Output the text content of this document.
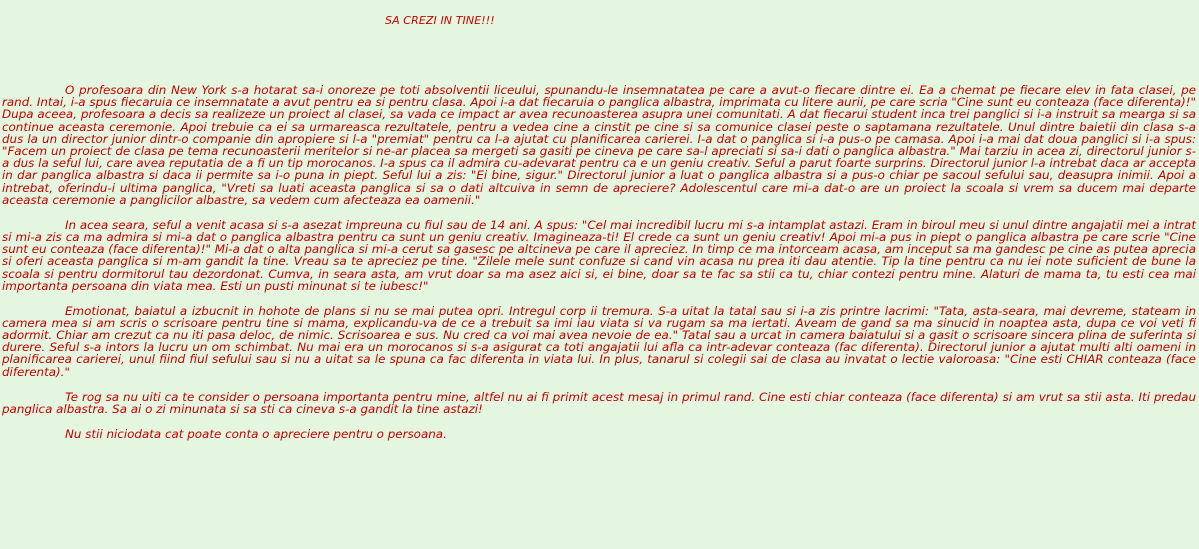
SA CREZI IN TINE!!!

O profesoara din New York s-a hotarat sa-i onoreze pe toti absolventii liceului, spunandu-le insemnatatea pe care a avut-o fiecare dintre ei. Ea a chemat pe fiecare elev in fata clasei, pe rand. Intai, i-a spus fiecaruia ce insemnatate a avut pentru ea si pentru clasa. Apoi i-a dat fiecaruia o panglica albastra, imprimata cu litere aurii, pe care scria "Cine sunt eu conteaza (face diferenta)!" Dupa aceea, profesoara a decis sa realizeze un proiect al clasei, sa vada ce impact ar avea recunoasterea asupra unei comunitati. A dat fiecarui student inca trei panglici si i-a instruit sa mearga si sa continue aceasta ceremonie. Apoi trebuie ca ei sa urmareasca rezultatele, pentru a vedea cine a cinstit pe cine si sa comunice clasei peste o saptamana rezultatele. Unul dintre baietii din clasa s-a dus la un director junior dintr-o companie din apropiere si l-a "premiat" pentru ca l-a ajutat cu planificarea carierei. I-a dat o panglica si i-a pus-o pe camasa. Apoi i-a mai dat doua panglici si i-a spus: "Facem un proiect de clasa pe tema recunoasterii meritelor si ne-ar placea sa mergeti sa gasiti pe cineva pe care sa-l apreciati si sa-i dati o panglica albastra." Mai tarziu in acea zi, directorul junior s-a dus la seful lui, care avea reputatia de a fi un tip morocanos. I-a spus ca il admira cu-adevarat pentru ca e un geniu creativ. Seful a parut foarte surprins. Directorul junior l-a intrebat daca ar accepta in dar panglica albastra si daca ii permite sa i-o puna in piept. Seful lui a zis: "Ei bine, sigur." Directorul junior a luat o panglica albastra si a pus-o chiar pe sacoul sefului sau, deasupra inimii. Apoi a intrebat, oferindu-i ultima panglica, "Vreti sa luati aceasta panglica si sa o dati altcuiva in semn de apreciere? Adolescentul care mi-a dat-o are un proiect la scoala si vrem sa ducem mai departe aceasta ceremonie a panglicilor albastre, sa vedem cum afecteaza ea oamenii."

In acea seara, seful a venit acasa si s-a asezat impreuna cu fiul sau de 14 ani. A spus: "Cel mai incredibil lucru mi s-a intamplat astazi. Eram in biroul meu si unul dintre angajatii mei a intrat si mi-a zis ca ma admira si mi-a dat o panglica albastra pentru ca sunt un geniu creativ. Imagineaza-ti! El crede ca sunt un geniu creativ! Apoi mi-a pus in piept o panglica albastra pe care scrie "Cine sunt eu conteaza (face diferenta)!" Mi-a dat o alta panglica si mi-a cerut sa gasesc pe altcineva pe care il apreciez. In timp ce ma intorceam acasa, am inceput sa ma gandesc pe cine as putea aprecia si oferi aceasta panglica si m-am gandit la tine. Vreau sa te apreciez pe tine. "Zilele mele sunt confuze si cand vin acasa nu prea iti dau atentie. Tip la tine pentru ca nu iei note suficient de bune la scoala si pentru dormitorul tau dezordonat. Cumva, in seara asta, am vrut doar sa ma asez aici si, ei bine, doar sa te fac sa stii ca tu, chiar contezi pentru mine. Alaturi de mama ta, tu esti cea mai importanta persoana din viata mea. Esti un pusti minunat si te iubesc!"

Emotionat, baiatul a izbucnit in hohote de plans si nu se mai putea opri. Intregul corp ii tremura. S-a uitat la tatal sau si i-a zis printre lacrimi: "Tata, asta-seara, mai devreme, stateam in camera mea si am scris o scrisoare pentru tine si mama, explicandu-va de ce a trebuit sa imi iau viata si va rugam sa ma iertati. Aveam de gand sa ma sinucid in noaptea asta, dupa ce voi veti fi adormit. Chiar am crezut ca nu iti pasa deloc, de nimic. Scrisoarea e sus. Nu cred ca voi mai avea nevoie de ea." Tatal sau a urcat in camera baiatului si a gasit o scrisoare sincera plina de suferinta si durere. Seful s-a intors la lucru un om schimbat. Nu mai era un morocanos si s-a asigurat ca toti angajatii lui afla ca intr-adevar conteaza (fac diferenta). Directorul junior a ajutat multi alti oameni in planificarea carierei, unul fiind fiul sefului sau si nu a uitat sa le spuna ca fac diferenta in viata lui. In plus, tanarul si colegii sai de clasa au invatat o lectie valoroasa: "Cine esti CHIAR conteaza (face diferenta)."

Te rog sa nu uiti ca te consider o persoana importanta pentru mine, altfel nu ai fi primit acest mesaj in primul rand. Cine esti chiar conteaza (face diferenta) si am vrut sa stii asta. Iti predau panglica albastra. Sa ai o zi minunata si sa sti ca cineva s-a gandit la tine astazi!

Nu stii niciodata cat poate conta o apreciere pentru o persoana.
